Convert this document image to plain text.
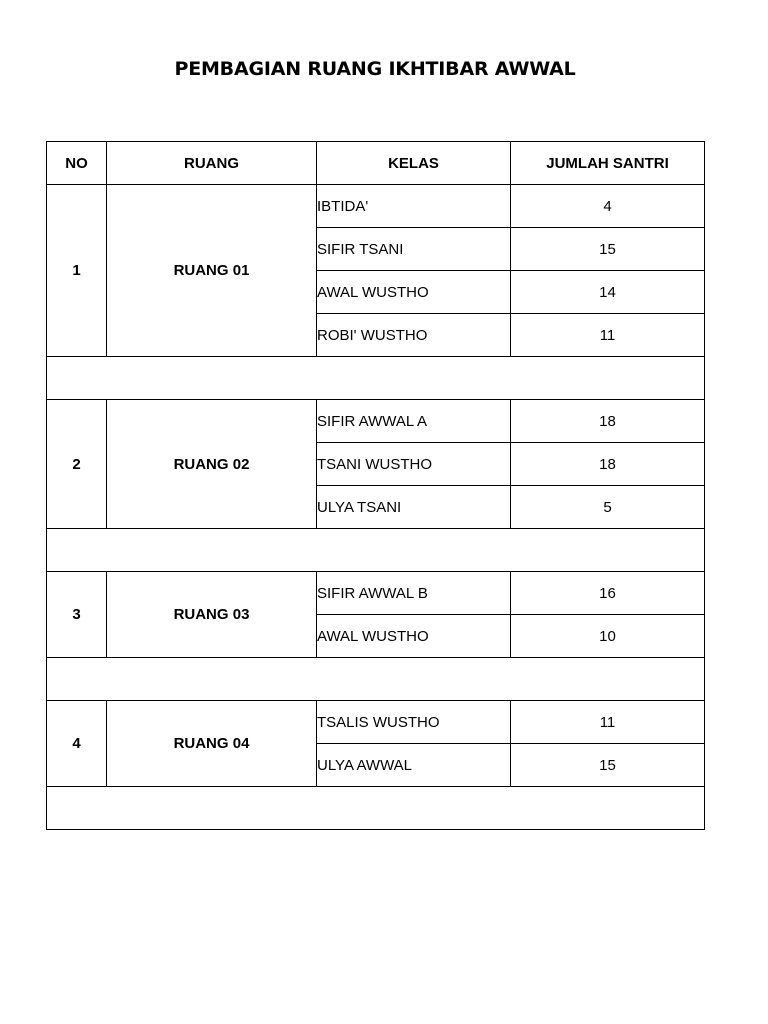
PEMBAGIAN RUANG IKHTIBAR AWWAL
NO	RUANG	KELAS	JUMLAH SANTRI
1	RUANG 01	IBTIDA'	4
		SIFIR TSANI	15
		AWAL WUSTHO	14
		ROBI' WUSTHO	11

2	RUANG 02	SIFIR AWWAL A	18
		TSANI WUSTHO	18
		ULYA TSANI	5

3	RUANG 03	SIFIR AWWAL B	16
		AWAL WUSTHO	10

4	RUANG 04	TSALIS WUSTHO	11
		ULYA AWWAL	15
